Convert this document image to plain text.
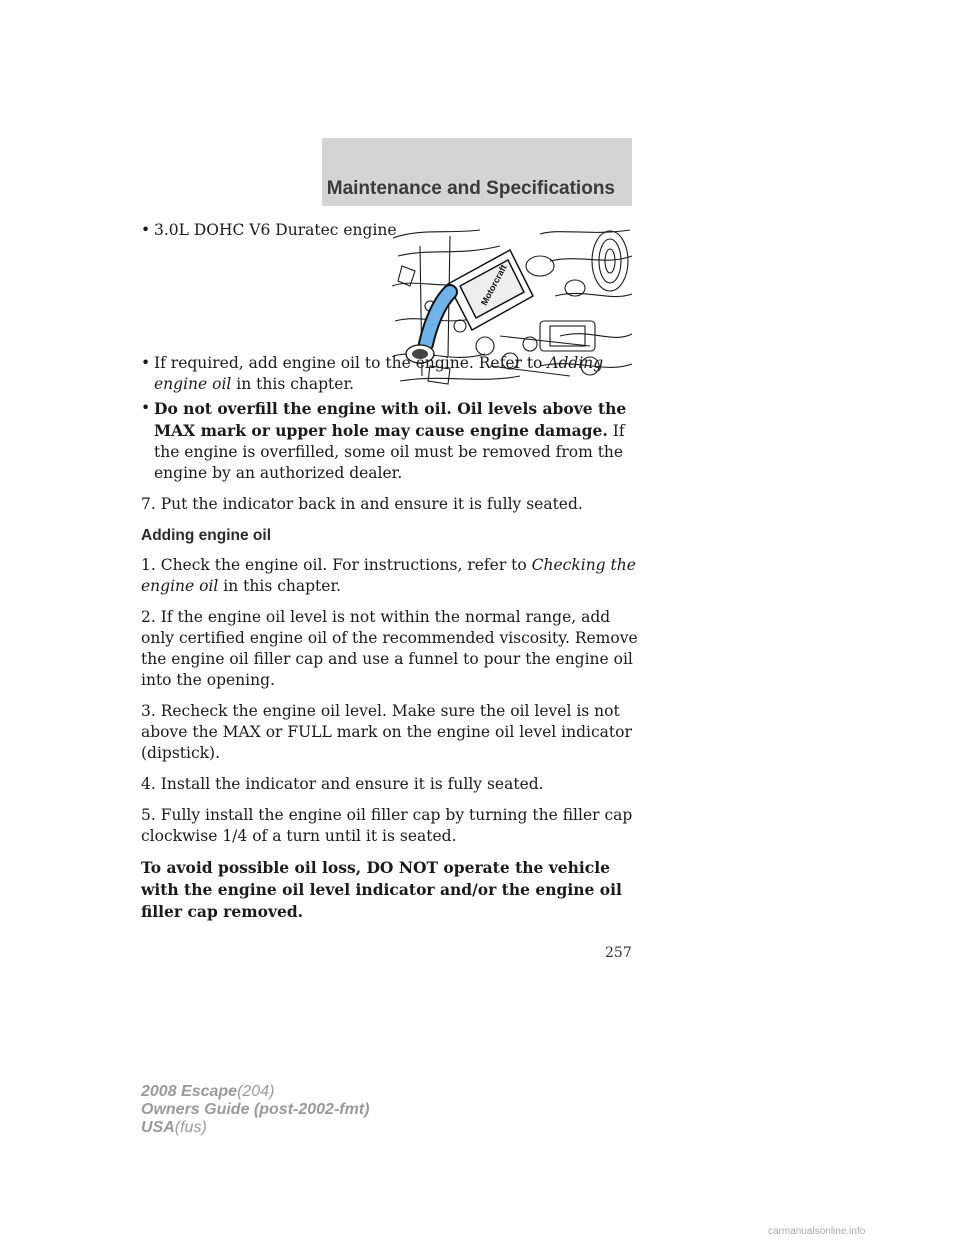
Maintenance and Specifications
Motorcraft
• 3.0L DOHC V6 Duratec engine
• If required, add engine oil to the engine. Refer to Adding engine oil in this chapter.
• Do not overfill the engine with oil. Oil levels above the MAX mark or upper hole may cause engine damage. If the engine is overfilled, some oil must be removed from the engine by an authorized dealer.

7. Put the indicator back in and ensure it is fully seated.

Adding engine oil

1. Check the engine oil. For instructions, refer to Checking the engine oil in this chapter.

2. If the engine oil level is not within the normal range, add only certified engine oil of the recommended viscosity. Remove the engine oil filler cap and use a funnel to pour the engine oil into the opening.

3. Recheck the engine oil level. Make sure the oil level is not above the MAX or FULL mark on the engine oil level indicator (dipstick).

4. Install the indicator and ensure it is fully seated.

5. Fully install the engine oil filler cap by turning the filler cap clockwise 1/4 of a turn until it is seated.

To avoid possible oil loss, DO NOT operate the vehicle with the engine oil level indicator and/or the engine oil filler cap removed.

257
2008 Escape(204)
Owners Guide (post-2002-fmt)
USA(fus)
carmanualsonline.info
